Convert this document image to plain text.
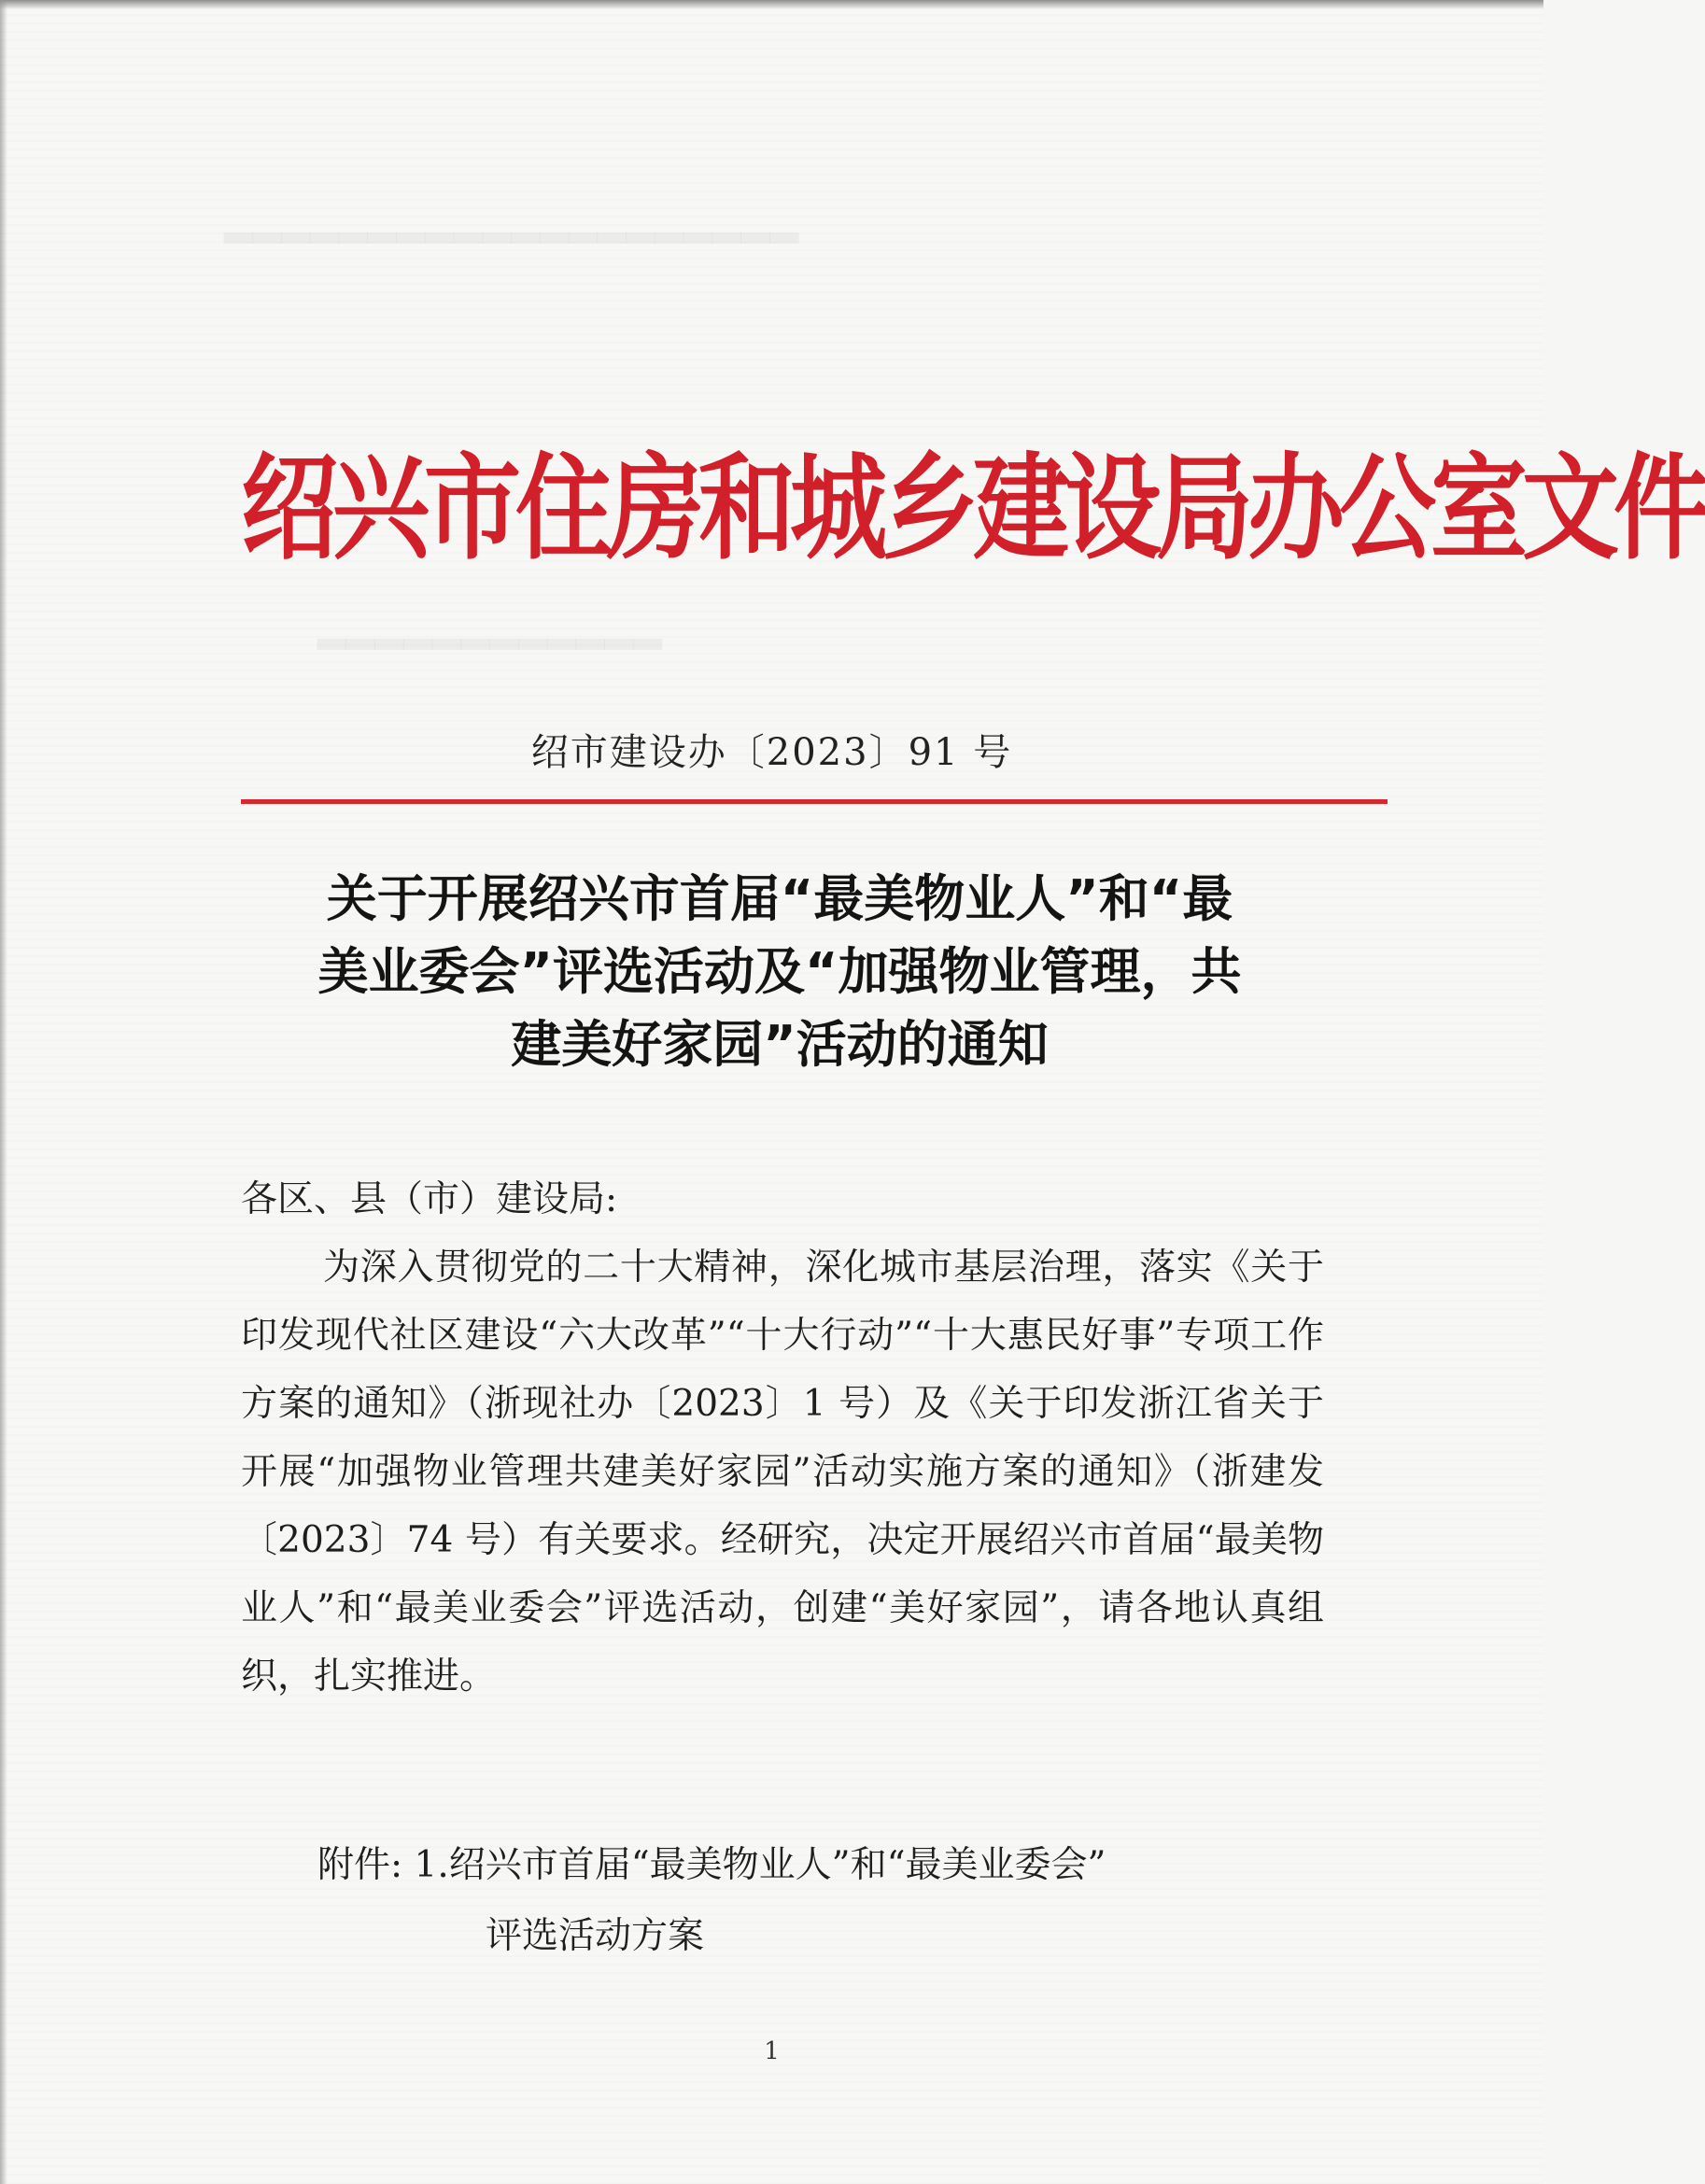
▂▂▂▂▂▂▂▂▂▂▂▂▂▂▂▂▂▂▂▂
▂▂▂▂▂▂▂▂▂▂▂▂
绍兴市住房和城乡建设局办公室文件
绍市建设办〔2023〕91 号
关于开展绍兴市首届“最美物业人”和“最
美业委会”评选活动及“加强物业管理，共
建美好家园”活动的通知

各区、县（市）建设局:

为深入贯彻党的二十大精神，深化城市基层治理，落实《关于印发现代社区建设“六大改革”“十大行动”“十大惠民好事”专项工作方案的通知》（浙现社办〔2023〕1 号）及《关于印发浙江省关于开展“加强物业管理共建美好家园”活动实施方案的通知》（浙建发〔2023〕74 号）有关要求。经研究，决定开展绍兴市首届“最美物业人”和“最美业委会”评选活动，创建“美好家园”，请各地认真组织，扎实推进。

附件: 1.绍兴市首届“最美物业人”和“最美业委会”
评选活动方案
1
